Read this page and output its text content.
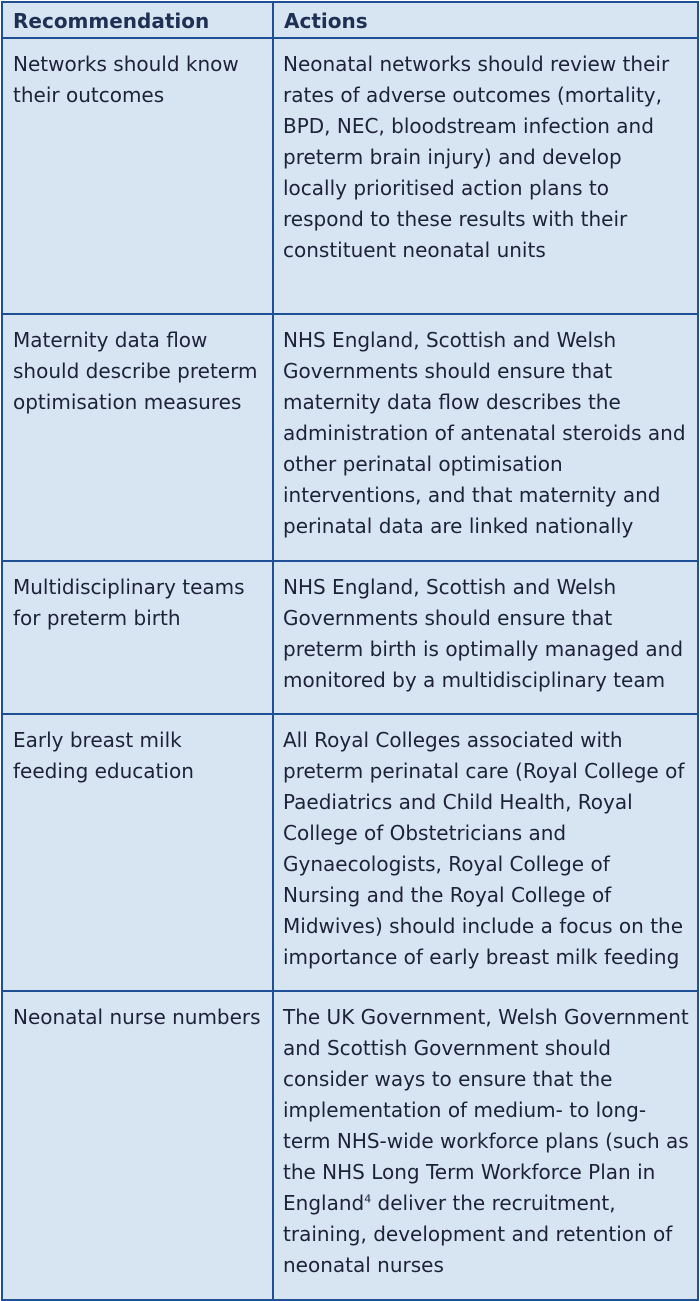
Recommendation	Actions
Networks should know their outcomes	Neonatal networks should review their rates of adverse outcomes (mortality, BPD, NEC, bloodstream infection and preterm brain injury) and develop locally prioritised action plans to respond to these results with their constituent neonatal units
Maternity data flow should describe preterm optimisation measures	NHS England, Scottish and Welsh Governments should ensure that maternity data flow describes the administration of antenatal steroids and other perinatal optimisation interventions, and that maternity and perinatal data are linked nationally
Multidisciplinary teams for preterm birth	NHS England, Scottish and Welsh Governments should ensure that preterm birth is optimally managed and monitored by a multidisciplinary team
Early breast milk feeding education	All Royal Colleges associated with preterm perinatal care (Royal College of Paediatrics and Child Health, Royal College of Obstetricians and Gynaecologists, Royal College of Nursing and the Royal College of Midwives) should include a focus on the importance of early breast milk feeding
Neonatal nurse numbers	The UK Government, Welsh Government and Scottish Government should consider ways to ensure that the implementation of medium- to long-term NHS-wide workforce plans (such as the NHS Long Term Workforce Plan in England$^4$ deliver the recruitment, training, development and retention of neonatal nurses
